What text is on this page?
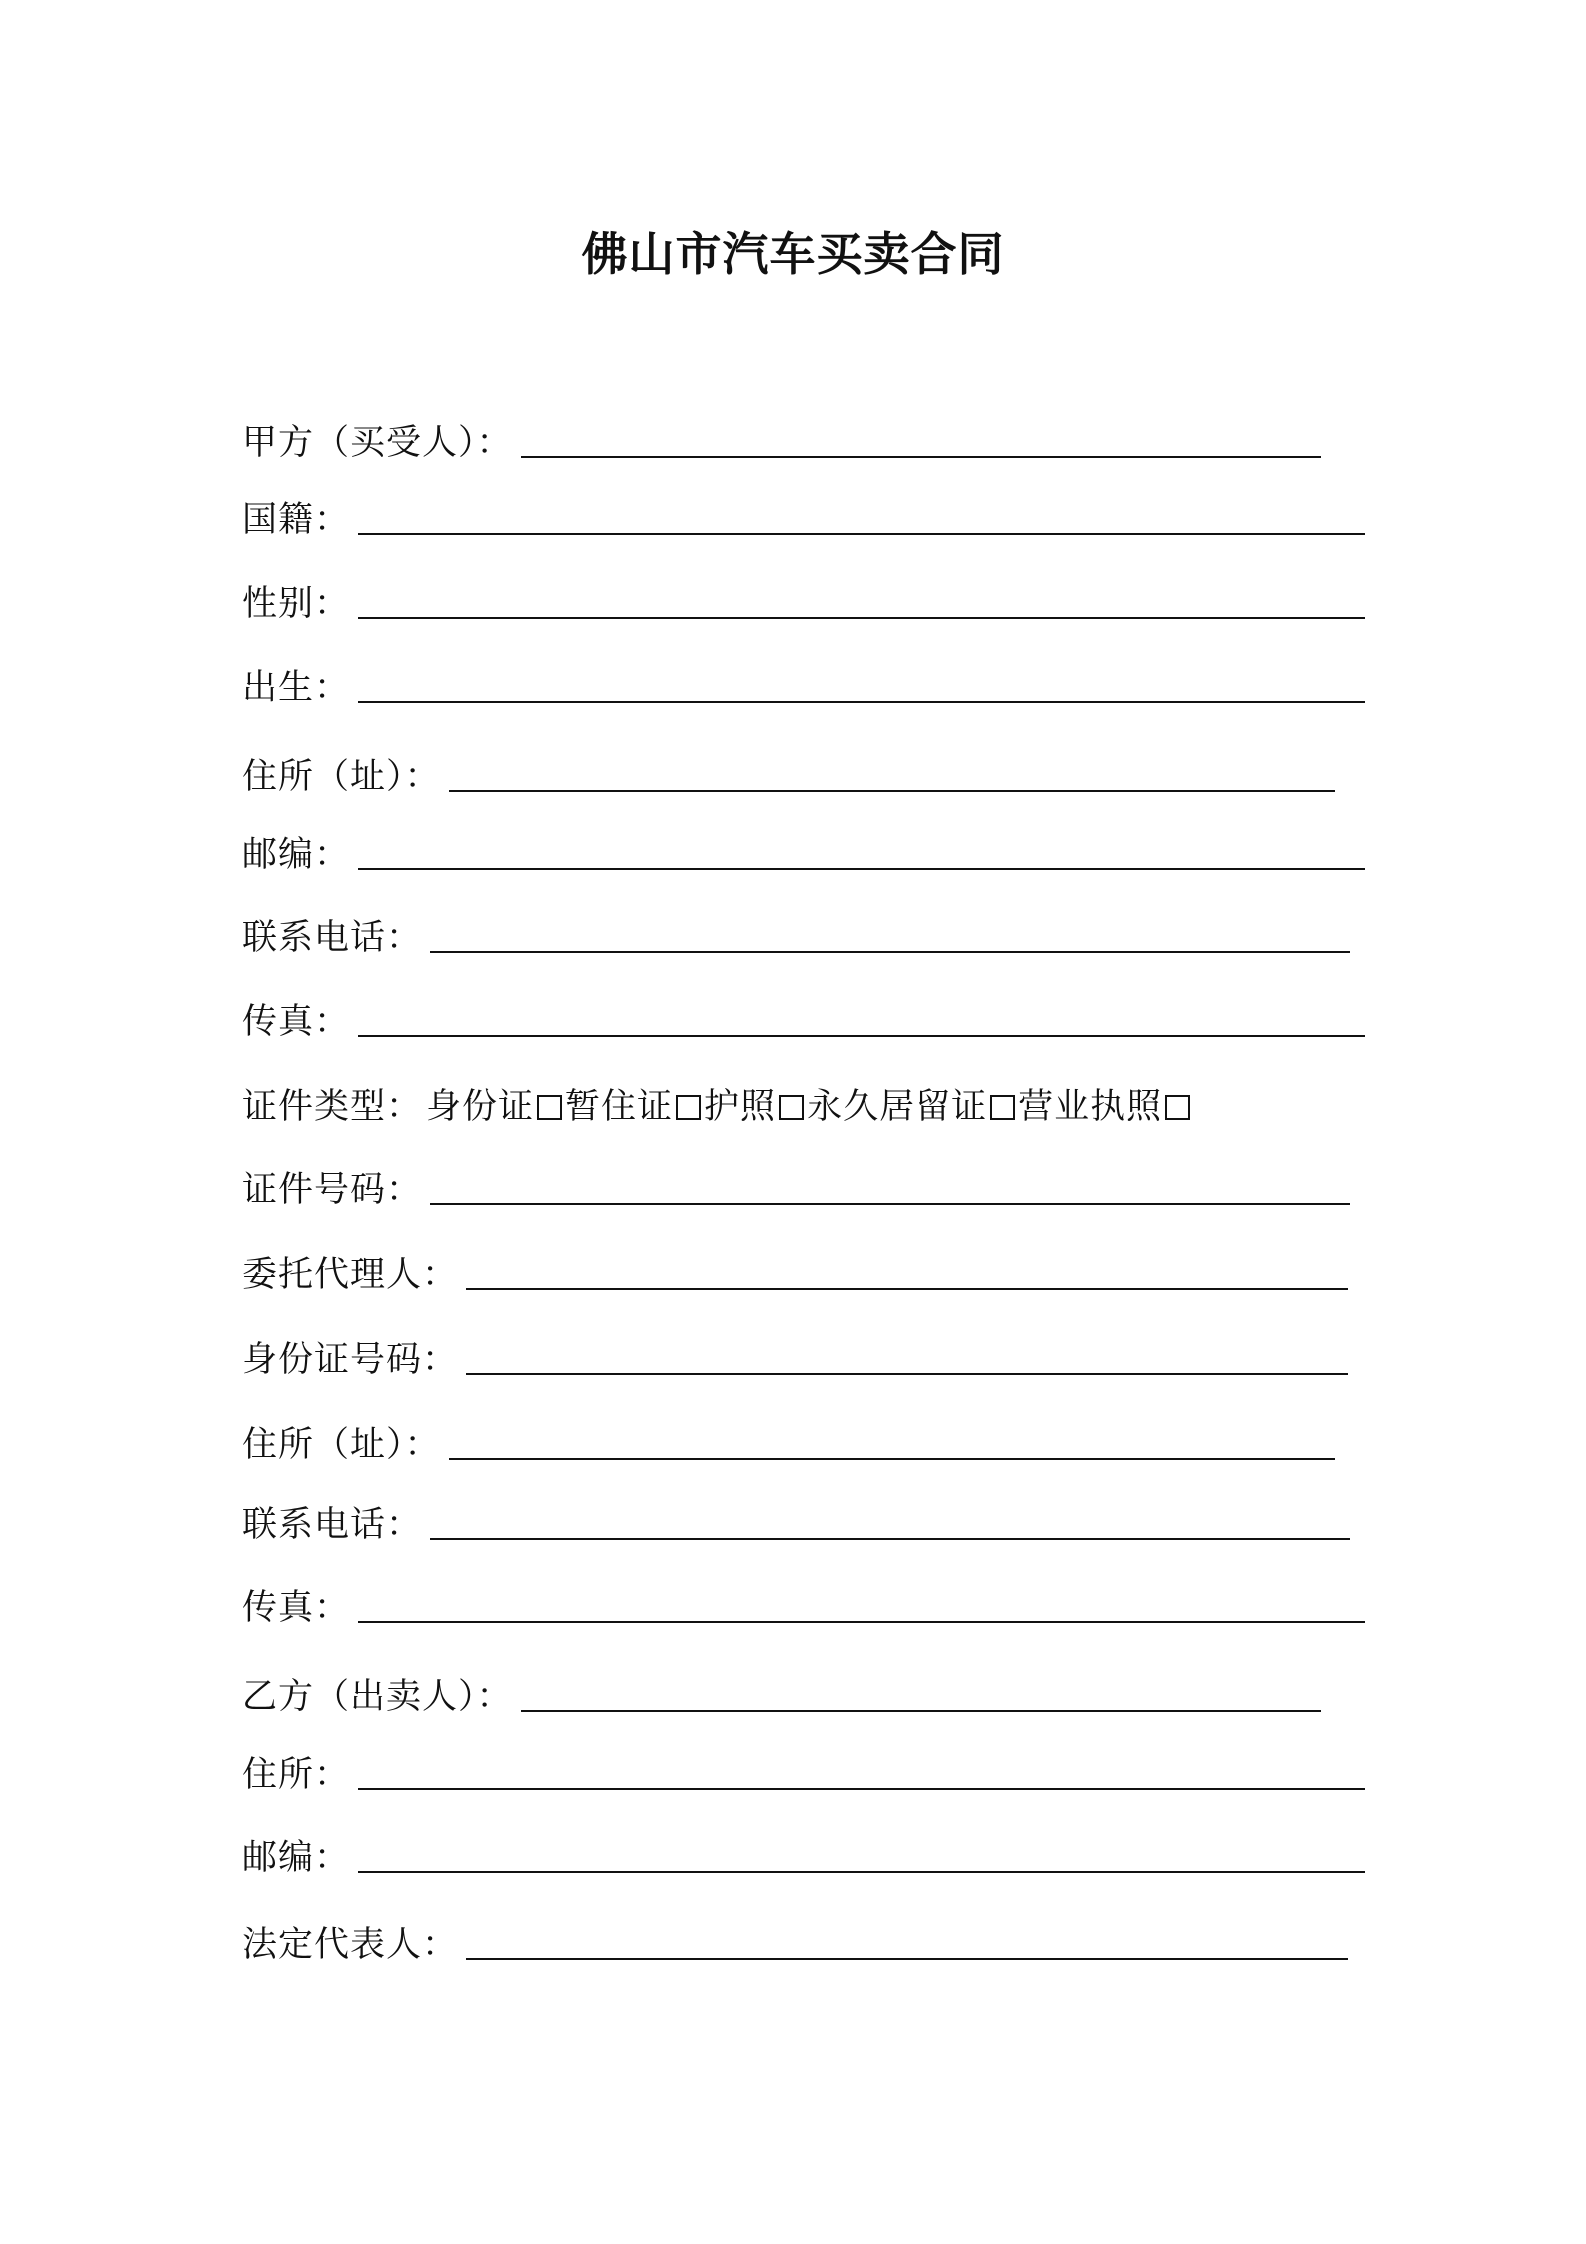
佛山市汽车买卖合同
甲方（买受人）：
国籍：
性别：
出生：
住所（址）：
邮编：
联系电话：
传真：
证件类型： 身份证 暂住证 护照 永久居留证 营业执照
证件号码：
委托代理人：
身份证号码：
住所（址）：
联系电话：
传真：
乙方（出卖人）：
住所：
邮编：
法定代表人：
